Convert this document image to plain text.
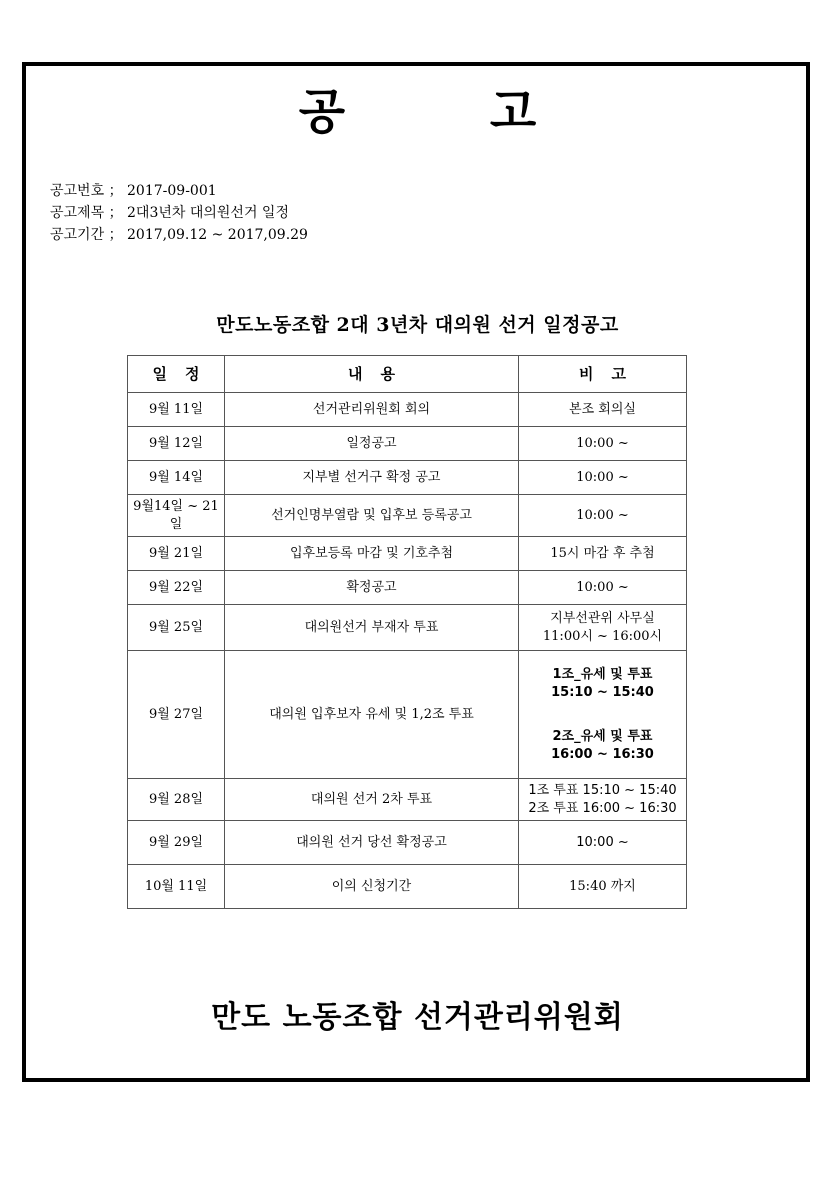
공 고
공고번호 ； 2017-09-001
공고제목 ； 2대3년차 대의원선거 일정
공고기간 ； 2017,09.12 ~ 2017,09.29
만도노동조합 2대 3년차 대의원 선거 일정공고
일정	내용	비고
9월 11일	선거관리위원회 회의	본조 회의실
9월 12일	일정공고	10:00 ~
9월 14일	지부별 선거구 확정 공고	10:00 ~
9월14일 ~ 21일	선거인명부열람 및 입후보 등록공고	10:00 ~
9월 21일	입후보등록 마감 및 기호추첨	15시 마감 후 추첨
9월 22일	확정공고	10:00 ~
9월 25일	대의원선거 부재자 투표	지부선관위 사무실
11:00시 ~ 16:00시

9월 27일	대의원 입후보자 유세 및 1,2조 투표	1조_유세 및 투표
15:10 ~ 15:40
2조_유세 및 투표
16:00 ~ 16:30

9월 28일	대의원 선거 2차 투표	1조 투표 15:10 ~ 15:40
2조 투표 16:00 ~ 16:30

9월 29일	대의원 선거 당선 확정공고	10:00 ~
10월 11일	이의 신청기간	15:40 까지
만도 노동조합 선거관리위원회
